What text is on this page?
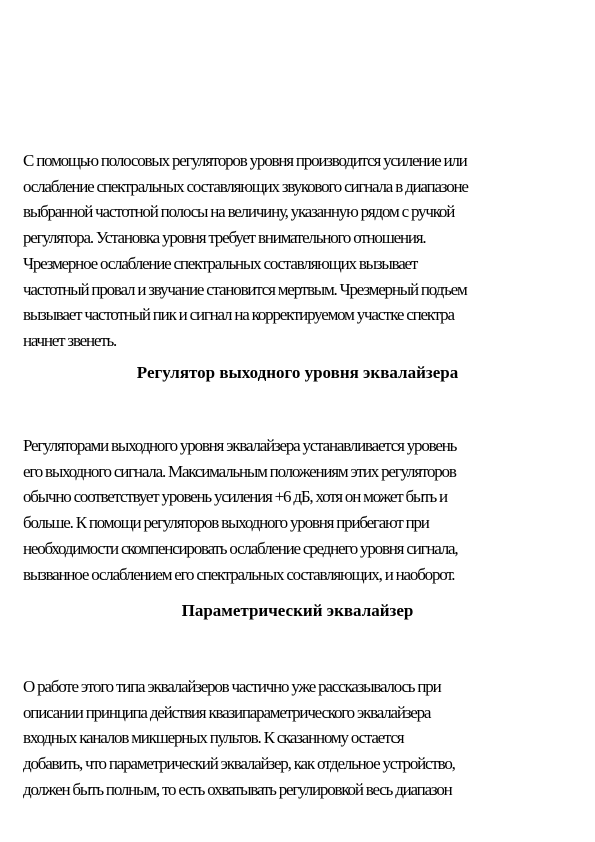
С помощью полосовых регуляторов уровня производится усиление или
ослабление спектральных составляющих звукового сигнала в диапазоне
выбранной частотной полосы на величину, указанную рядом с ручкой
регулятора. Установка уровня требует внимательного отношения.
Чрезмерное ослабление спектральных составляющих вызывает
частотный провал и звучание становится мертвым. Чрезмерный подъем
вызывает частотный пик и сигнал на корректируемом участке спектра
начнет звенеть.

Регулятор выходного уровня эквалайзера

Регуляторами выходного уровня эквалайзера устанавливается уровень
его выходного сигнала. Максимальным положениям этих регуляторов
обычно соответствует уровень усиления +6 дБ, хотя он может быть и
больше. К помощи регуляторов выходного уровня прибегают при
необходимости скомпенсировать ослабление среднего уровня сигнала,
вызванное ослаблением его спектральных составляющих, и наоборот.

Параметрический эквалайзер

О работе этого типа эквалайзеров частично уже рассказывалось при
описании принципа действия квазипараметрического эквалайзера
входных каналов микшерных пультов. К сказанному остается
добавить, что параметрический эквалайзер, как отдельное устройство,
должен быть полным, то есть охватывать регулировкой весь диапазон
